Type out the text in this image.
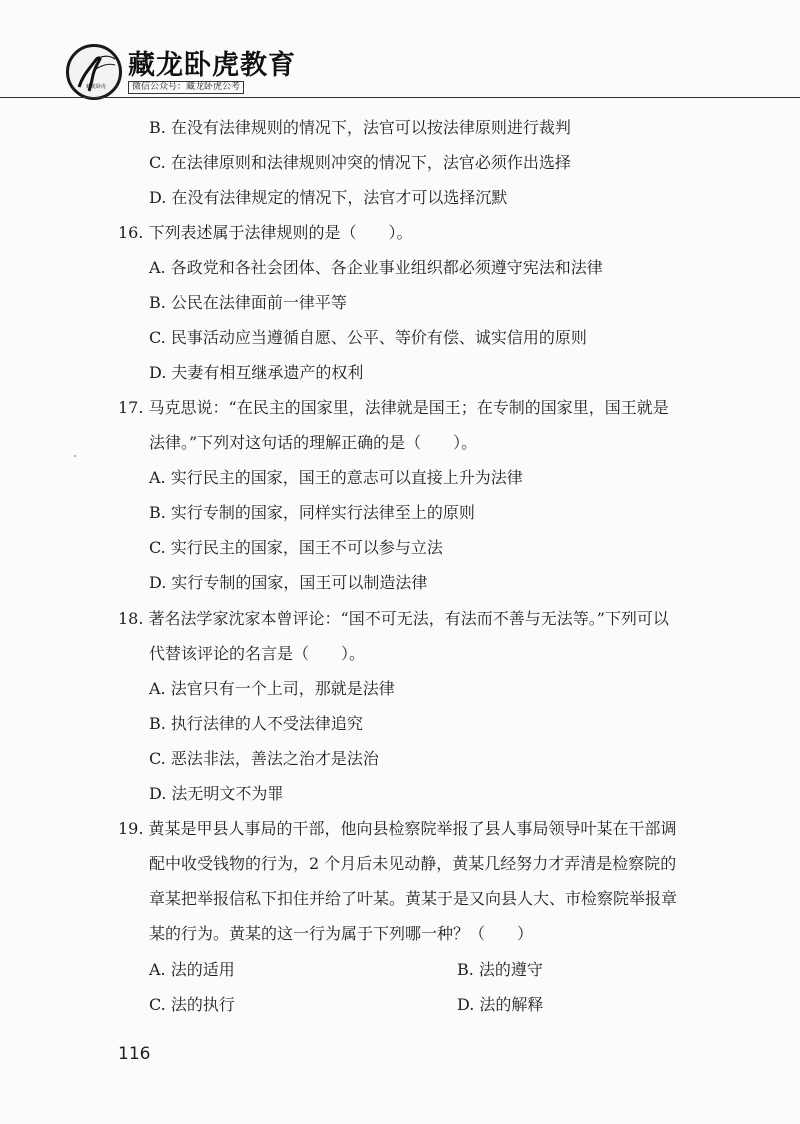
藏龙卧虎
藏龙卧虎教育
微信公众号：藏龙卧虎公考
B. 在没有法律规则的情况下，法官可以按法律原则进行裁判
C. 在法律原则和法律规则冲突的情况下，法官必须作出选择
D. 在没有法律规定的情况下，法官才可以选择沉默
16. 下列表述属于法律规则的是（　　）。
A. 各政党和各社会团体、各企业事业组织都必须遵守宪法和法律
B. 公民在法律面前一律平等
C. 民事活动应当遵循自愿、公平、等价有偿、诚实信用的原则
D. 夫妻有相互继承遗产的权利
17. 马克思说：“在民主的国家里，法律就是国王；在专制的国家里，国王就是
法律。”下列对这句话的理解正确的是（　　）。
A. 实行民主的国家，国王的意志可以直接上升为法律
B. 实行专制的国家，同样实行法律至上的原则
C. 实行民主的国家，国王不可以参与立法
D. 实行专制的国家，国王可以制造法律
18. 著名法学家沈家本曾评论：“国不可无法，有法而不善与无法等。”下列可以
代替该评论的名言是（　　）。
A. 法官只有一个上司，那就是法律
B. 执行法律的人不受法律追究
C. 恶法非法，善法之治才是法治
D. 法无明文不为罪
19. 黄某是甲县人事局的干部，他向县检察院举报了县人事局领导叶某在干部调
配中收受钱物的行为，2 个月后未见动静，黄某几经努力才弄清是检察院的
章某把举报信私下扣住并给了叶某。黄某于是又向县人大、市检察院举报章
某的行为。黄某的这一行为属于下列哪一种？（　　）
A. 法的适用	B. 法的遵守
C. 法的执行	D. 法的解释
116
